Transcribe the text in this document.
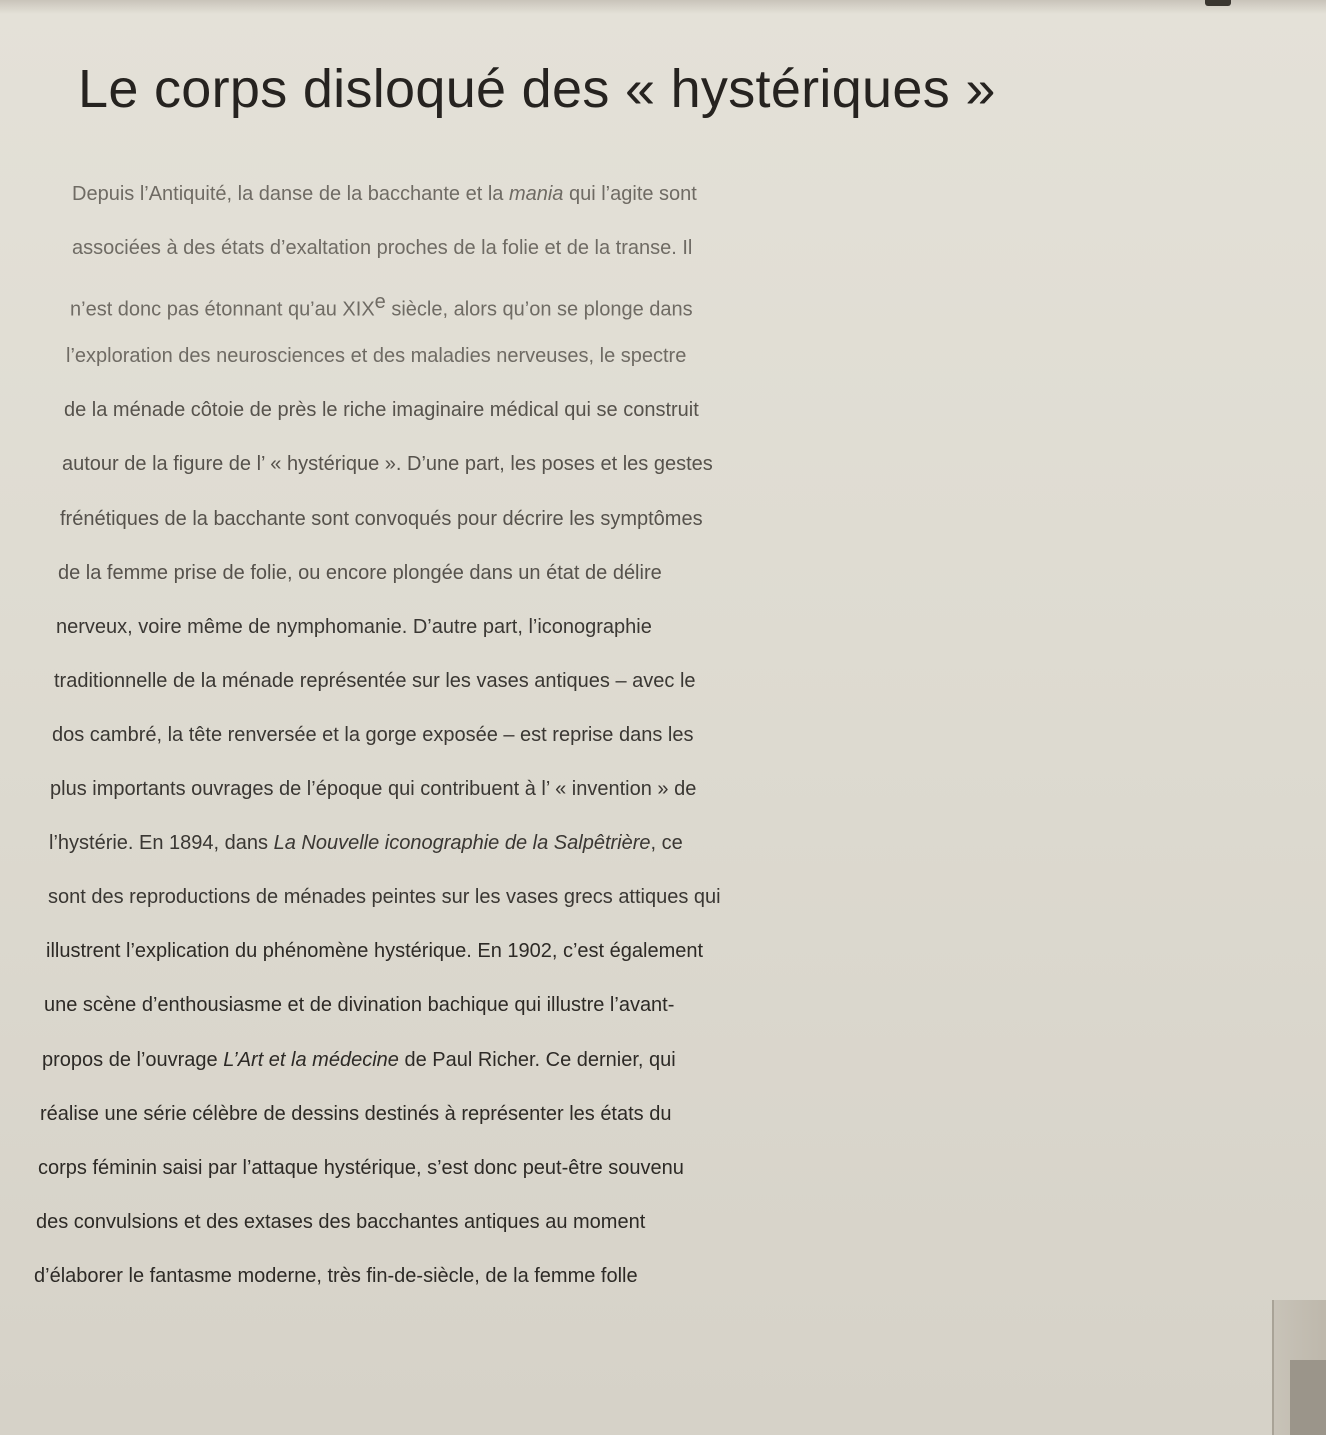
Le corps disloqué des « hystériques »

Depuis l’Antiquité, la danse de la bacchante et la mania qui l’agite sont
associées à des états d’exaltation proches de la folie et de la transe. Il
n’est donc pas étonnant qu’au XIXe siècle, alors qu’on se plonge dans
l’exploration des neurosciences et des maladies nerveuses, le spectre
de la ménade côtoie de près le riche imaginaire médical qui se construit
autour de la figure de l’ « hystérique ». D’une part, les poses et les gestes
frénétiques de la bacchante sont convoqués pour décrire les symptômes
de la femme prise de folie, ou encore plongée dans un état de délire
nerveux, voire même de nymphomanie. D’autre part, l’iconographie
traditionnelle de la ménade représentée sur les vases antiques – avec le
dos cambré, la tête renversée et la gorge exposée – est reprise dans les
plus importants ouvrages de l’époque qui contribuent à l’ « invention » de
l’hystérie. En 1894, dans La Nouvelle iconographie de la Salpêtrière, ce
sont des reproductions de ménades peintes sur les vases grecs attiques qui
illustrent l’explication du phénomène hystérique. En 1902, c’est également
une scène d’enthousiasme et de divination bachique qui illustre l’avant-
propos de l’ouvrage L’Art et la médecine de Paul Richer. Ce dernier, qui
réalise une série célèbre de dessins destinés à représenter les états du
corps féminin saisi par l’attaque hystérique, s’est donc peut-être souvenu
des convulsions et des extases des bacchantes antiques au moment
d’élaborer le fantasme moderne, très fin-de-siècle, de la femme folle
